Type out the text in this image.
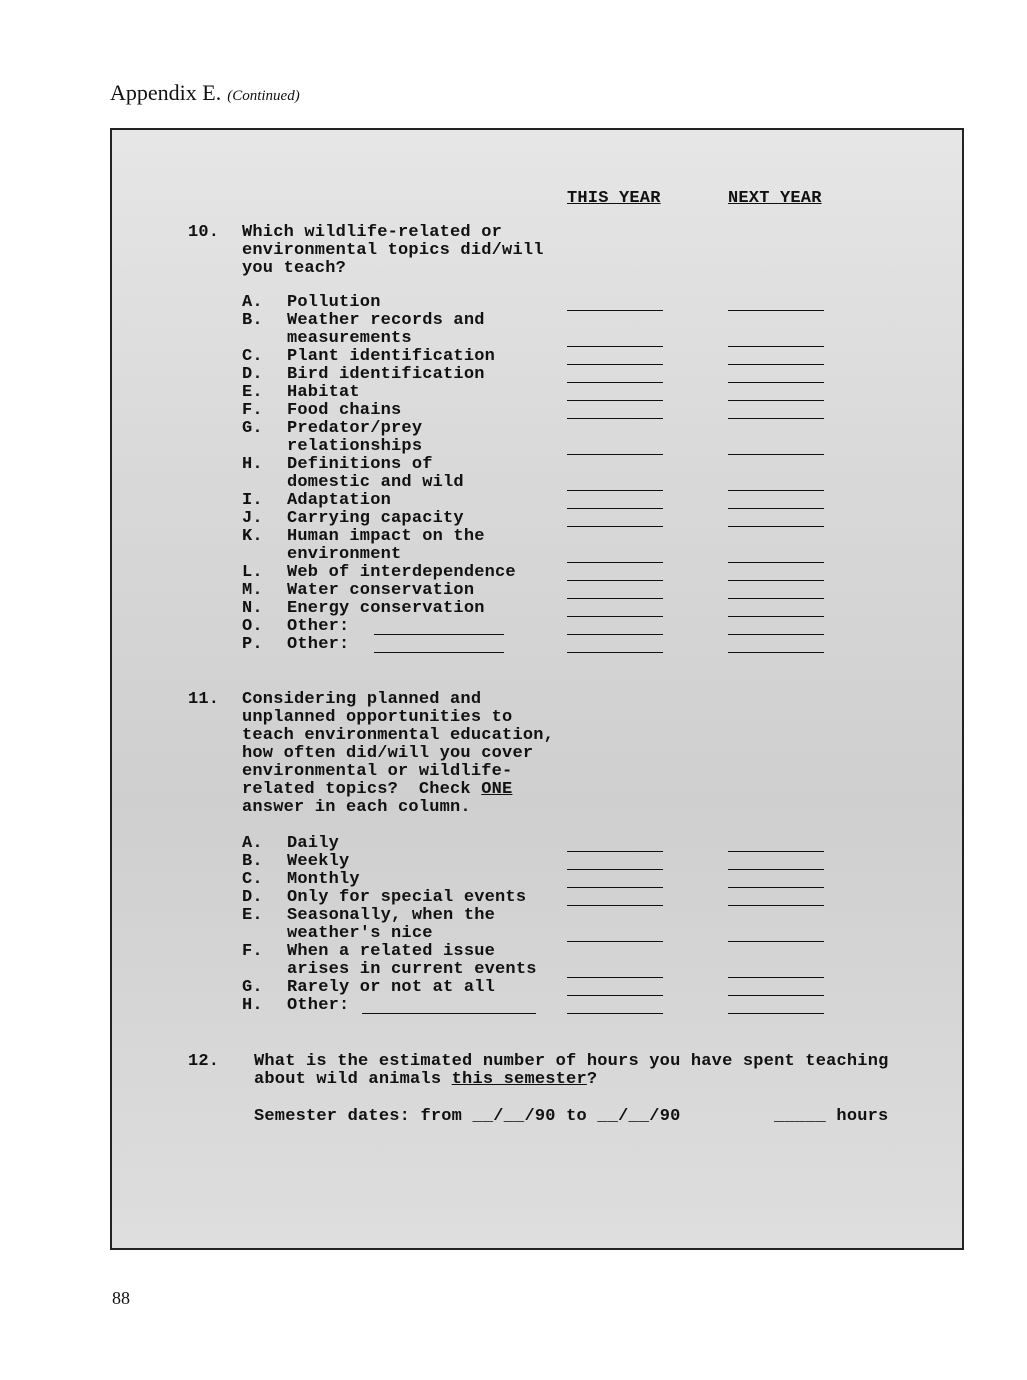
Appendix E. (Continued)
THIS YEAR	NEXT YEAR
10. Which wildlife-related or
environmental topics did/will
you teach?
A. Pollution
B. Weather records and
measurements
C. Plant identification
D. Bird identification
E. Habitat
F. Food chains
G. Predator/prey
relationships
H. Definitions of
domestic and wild
I. Adaptation
J. Carrying capacity
K. Human impact on the
environment
L. Web of interdependence
M. Water conservation
N. Energy conservation
O. Other:
P. Other:
11. Considering planned and
unplanned opportunities to
teach environmental education,
how often did/will you cover
environmental or wildlife-
related topics?  Check ONE
answer in each column.
A. Daily
B. Weekly
C. Monthly
D. Only for special events
E. Seasonally, when the
weather's nice
F. When a related issue
arises in current events
G. Rarely or not at all
H. Other:
12. What is the estimated number of hours you have spent teaching
about wild animals this semester?
Semester dates: from __/__/90 to __/__/90	_____ hours
88
